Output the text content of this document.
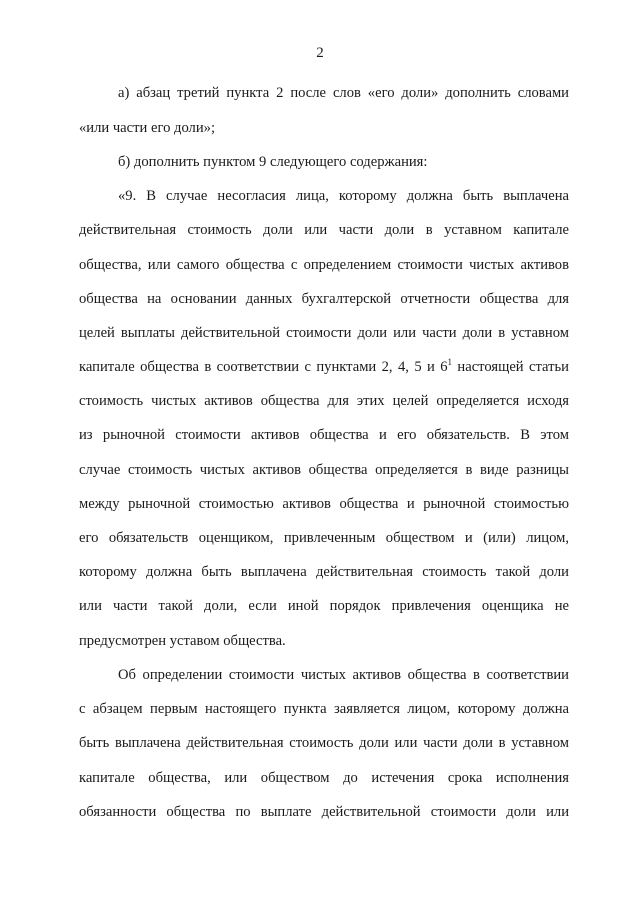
2
а) абзац третий пункта 2 после слов «его доли» дополнить словами
«или части его доли»;
б) дополнить пунктом 9 следующего содержания:
«9. В случае несогласия лица, которому должна быть выплачена
действительная стоимость доли или части доли в уставном капитале
общества, или самого общества с определением стоимости чистых активов
общества на основании данных бухгалтерской отчетности общества для
целей выплаты действительной стоимости доли или части доли в уставном
капитале общества в соответствии с пунктами 2, 4, 5 и $6^1$ настоящей статьи
стоимость чистых активов общества для этих целей определяется исходя
из рыночной стоимости активов общества и его обязательств. В этом
случае стоимость чистых активов общества определяется в виде разницы
между рыночной стоимостью активов общества и рыночной стоимостью
его обязательств оценщиком, привлеченным обществом и (или) лицом,
которому должна быть выплачена действительная стоимость такой доли
или части такой доли, если иной порядок привлечения оценщика не
предусмотрен уставом общества.
Об определении стоимости чистых активов общества в соответствии
с абзацем первым настоящего пункта заявляется лицом, которому должна
быть выплачена действительная стоимость доли или части доли в уставном
капитале общества, или обществом до истечения срока исполнения
обязанности общества по выплате действительной стоимости доли или
